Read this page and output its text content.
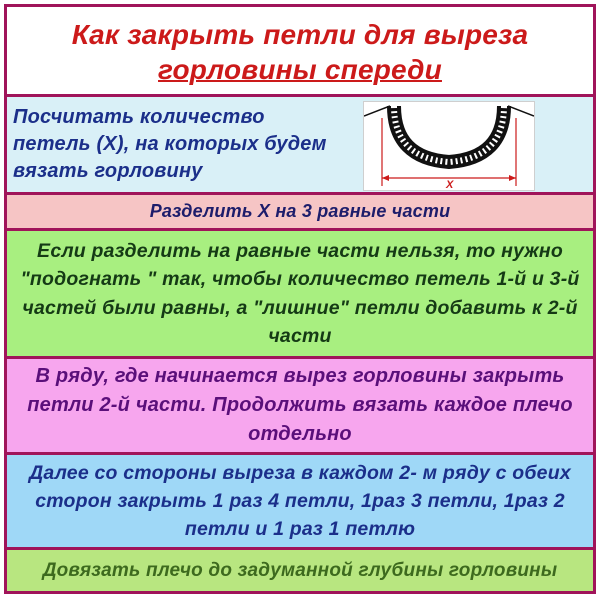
Как закрыть петли для выреза
горловины спереди
Посчитать количество петель (Х), на которых будем вязать горловину
Х
Разделить Х на 3 равные части
Если разделить на равные части нельзя, то нужно "подогнать " так, чтобы количество петель 1-й и 3-й частей были равны, а "лишние" петли добавить к 2-й части
В ряду, где начинается вырез горловины закрыть петли 2-й части. Продолжить вязать каждое плечо отдельно
Далее со стороны выреза в каждом 2- м ряду с обеих сторон закрыть 1 раз 4 петли, 1раз 3 петли, 1раз 2 петли и 1 раз 1 петлю
Довязать плечо до задуманной глубины горловины
